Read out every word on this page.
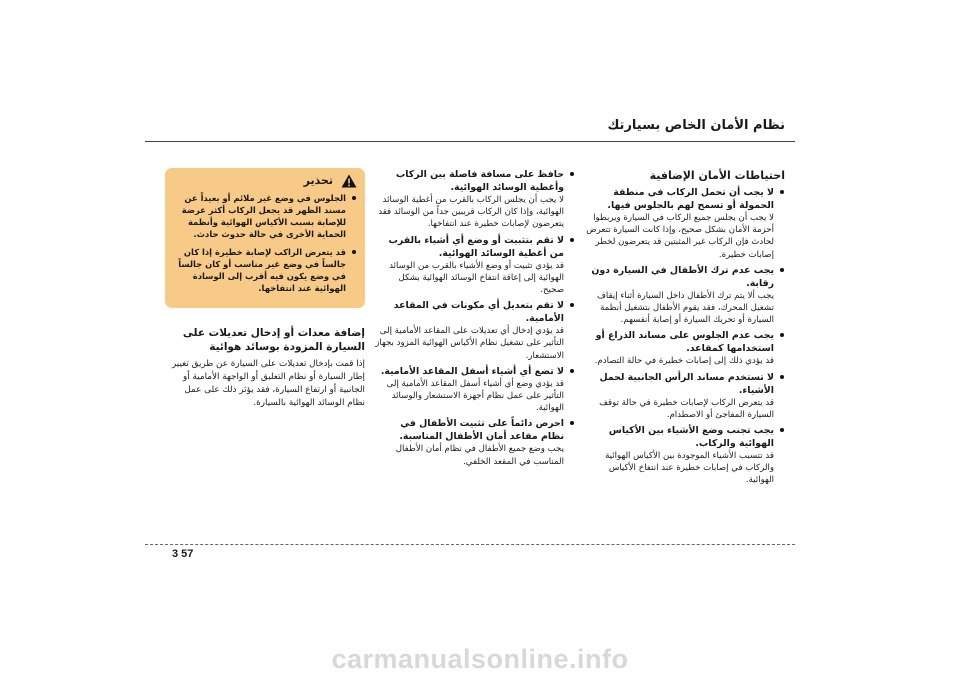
نظام الأمان الخاص بسيارتك
احتياطات الأمان الإضافية
لا يجب أن تحمل الركاب في منطقة الحمولة أو تسمح لهم بالجلوس فيها.
لا يجب أن يجلس جميع الركاب في السيارة ويربطوا أحزمة الأمان بشكل صحيح، وإذا كانت السيارة تتعرض لحادث فإن الركاب غير المثبتين قد يتعرضون لخطر إصابات خطيرة.
يجب عدم ترك الأطفال في السيارة دون رقابة.
يجب ألا يتم ترك الأطفال داخل السيارة أثناء إيقاف تشغيل المحرك، فقد يقوم الأطفال بتشغيل أنظمة السيارة أو تحريك السيارة أو إصابة أنفسهم.
يجب عدم الجلوس على مساند الذراع أو استخدامها كمقاعد.
قد يؤدي ذلك إلى إصابات خطيرة في حالة التصادم.
لا تستخدم مساند الرأس الجانبية لحمل الأشياء.
قد يتعرض الركاب لإصابات خطيرة في حالة توقف السيارة المفاجئ أو الاصطدام.
يجب تجنب وضع الأشياء بين الأكياس الهوائية والركاب.
قد تتسبب الأشياء الموجودة بين الأكياس الهوائية والركاب في إصابات خطيرة عند انتفاخ الأكياس الهوائية.
حافظ على مسافة فاصلة بين الركاب وأغطية الوسائد الهوائية.
لا يجب أن يجلس الركاب بالقرب من أغطية الوسائد الهوائية، وإذا كان الركاب قريبين جداً من الوسائد فقد يتعرضون لإصابات خطيرة عند انتفاخها.
لا تقم بتثبيت أو وضع أي أشياء بالقرب من أغطية الوسائد الهوائية.
قد يؤدي تثبيت أو وضع الأشياء بالقرب من الوسائد الهوائية إلى إعاقة انتفاخ الوسائد الهوائية بشكل صحيح.
لا تقم بتعديل أي مكونات في المقاعد الأمامية.
قد يؤدي إدخال أي تعديلات على المقاعد الأمامية إلى التأثير على تشغيل نظام الأكياس الهوائية المزود بجهاز الاستشعار.
لا تضع أي أشياء أسفل المقاعد الأمامية.
قد يؤدي وضع أي أشياء أسفل المقاعد الأمامية إلى التأثير على عمل نظام أجهزة الاستشعار والوسائد الهوائية.
احرص دائماً على تثبيت الأطفال في نظام مقاعد أمان الأطفال المناسبة.
يجب وضع جميع الأطفال في نظام أمان الأطفال المناسب في المقعد الخلفي.
تحذير
الجلوس في وضع غير ملائم أو بعيداً عن مسند الظهر قد يجعل الركاب أكثر عرضة للإصابة بسبب الأكياس الهوائية وأنظمة الحماية الأخرى في حالة حدوث حادث.
قد يتعرض الراكب لإصابة خطيرة إذا كان جالساً في وضع غير مناسب أو كان جالساً في وضع يكون فيه أقرب إلى الوسادة الهوائية عند انتفاخها.
إضافة معدات أو إدخال تعديلات على السيارة المزودة بوسائد هوائية
إذا قمت بإدخال تعديلات على السيارة عن طريق تغيير إطار السيارة أو نظام التعليق أو الواجهة الأمامية أو الجانبية أو ارتفاع السيارة، فقد يؤثر ذلك على عمل نظام الوسائد الهوائية بالسيارة.
3 57
carmanualsonline.info
